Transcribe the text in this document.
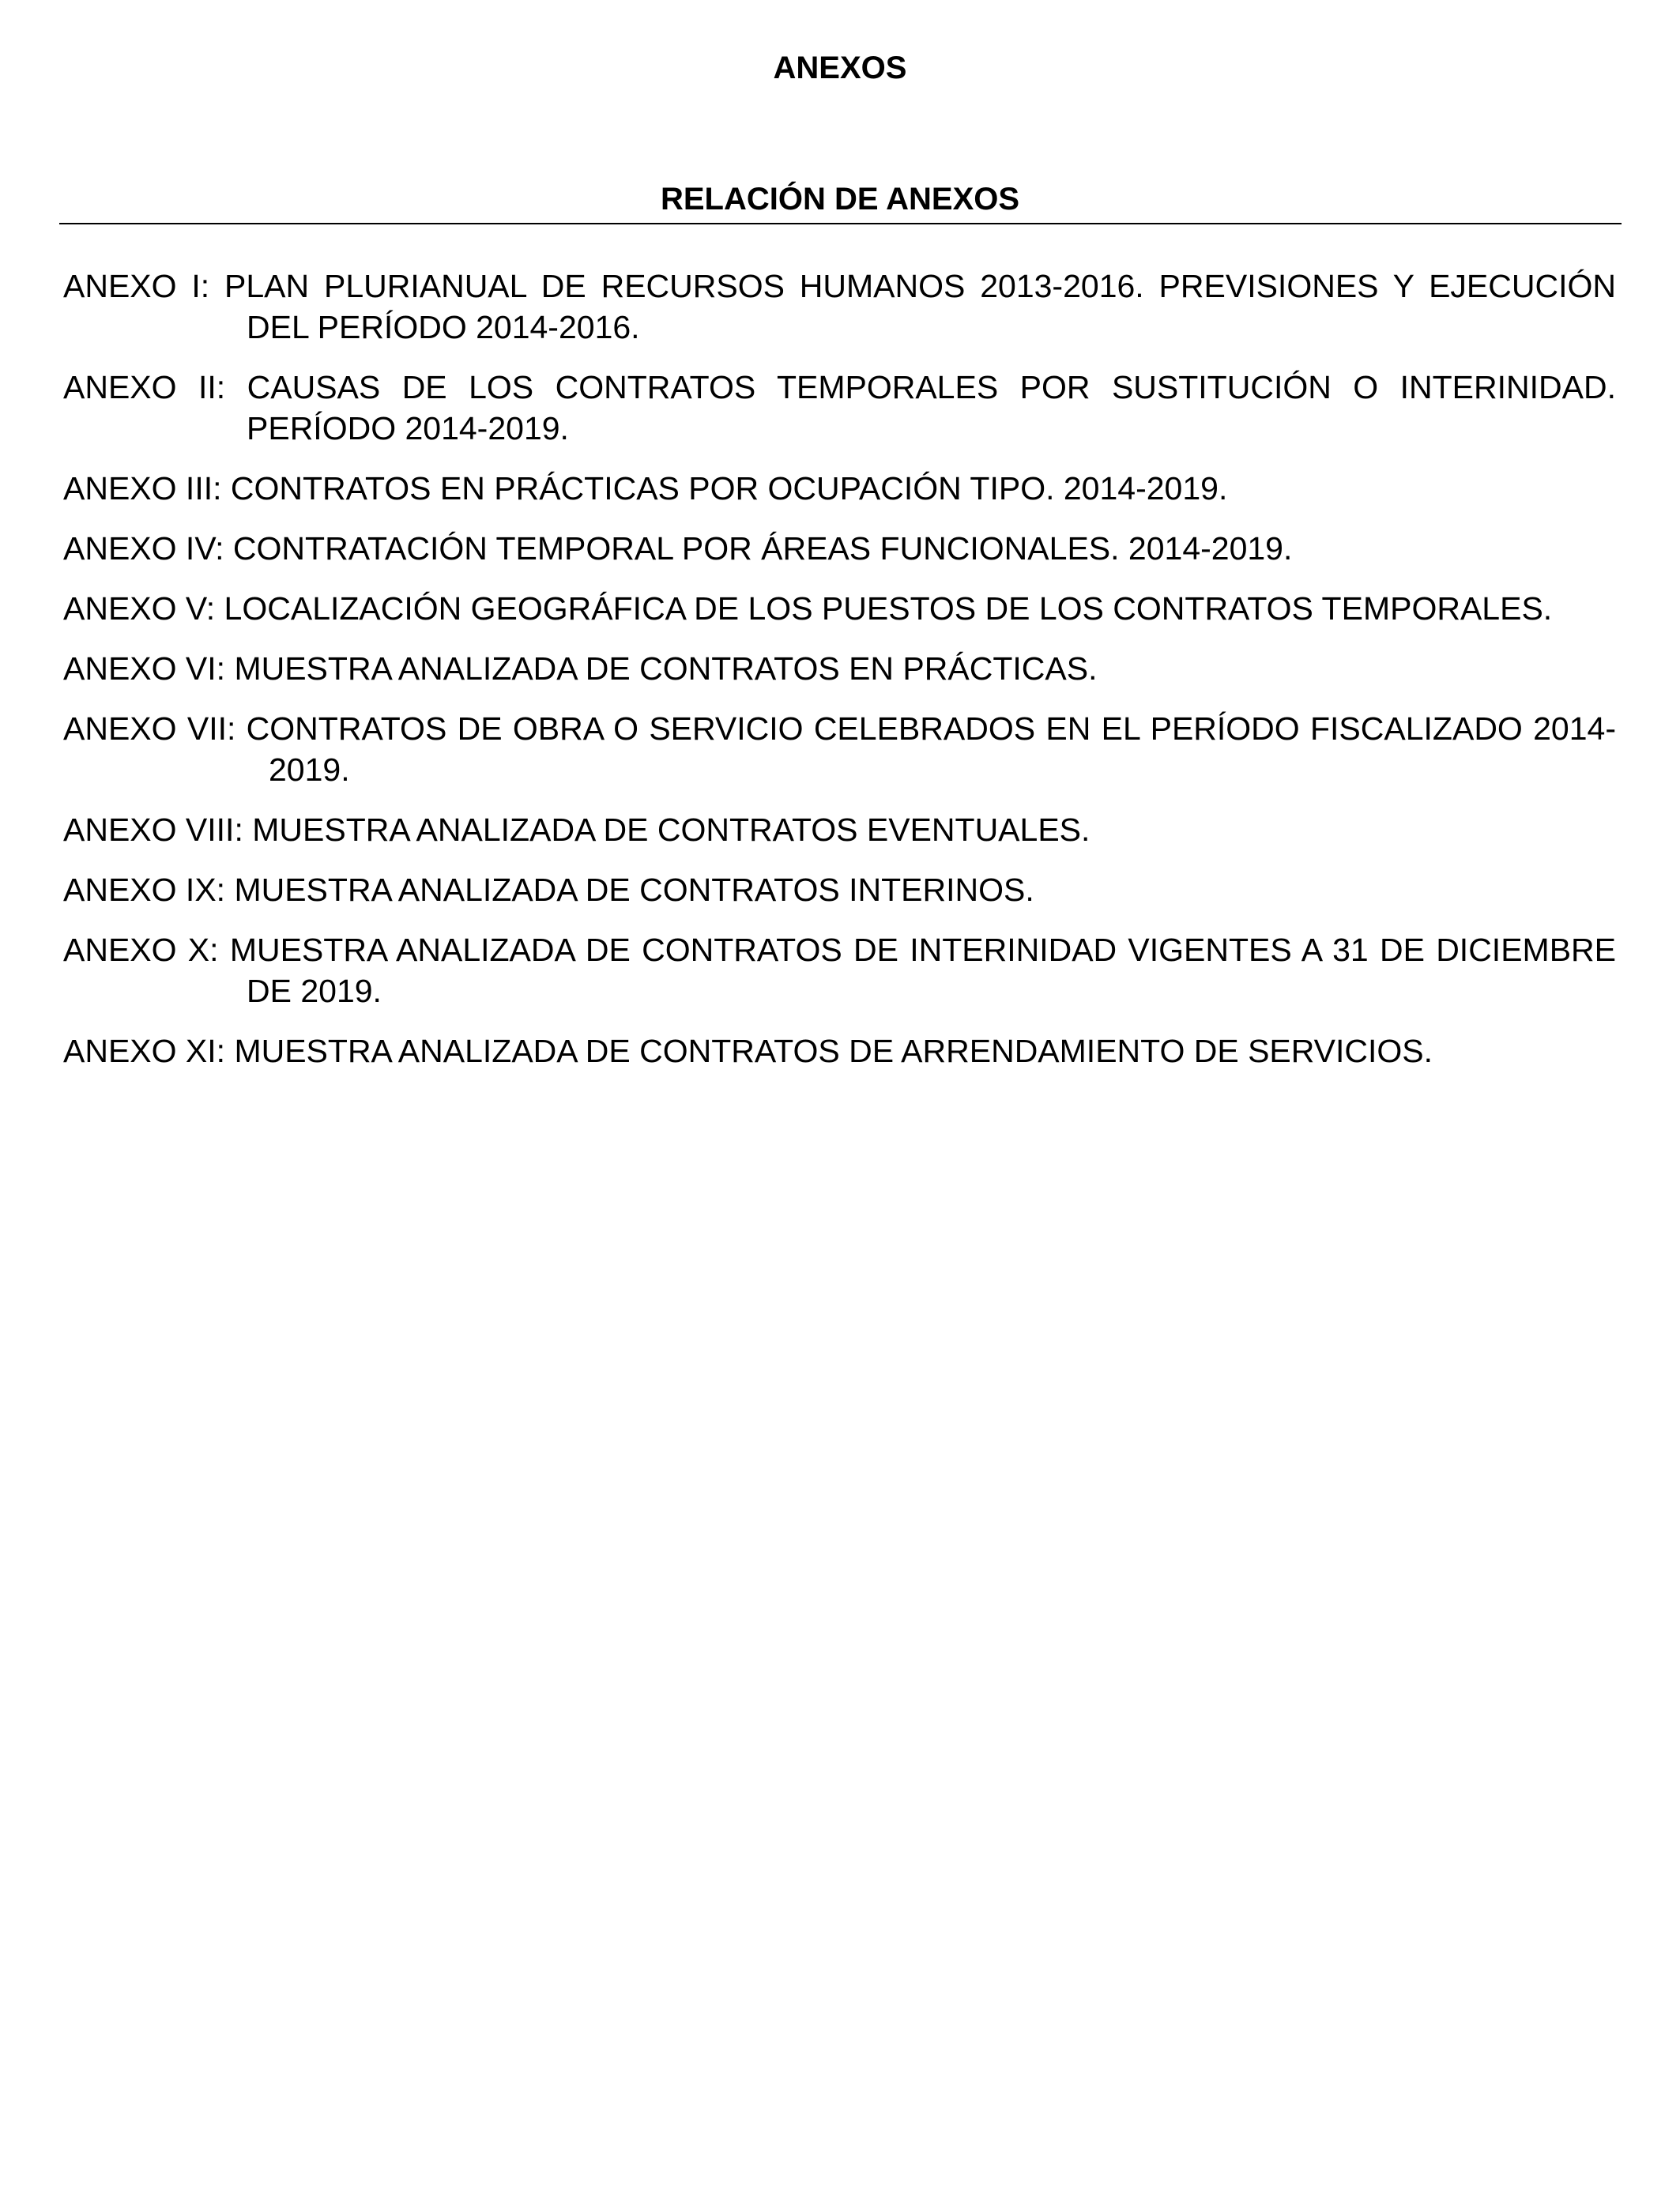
ANEXOS
RELACIÓN DE ANEXOS
ANEXO I: PLAN PLURIANUAL DE RECURSOS HUMANOS 2013-2016. PREVISIONES Y EJECUCIÓN DEL PERÍODO 2014-2016.
ANEXO II: CAUSAS DE LOS CONTRATOS TEMPORALES POR SUSTITUCIÓN O INTERINIDAD. PERÍODO 2014-2019.
ANEXO III: CONTRATOS EN PRÁCTICAS POR OCUPACIÓN TIPO. 2014-2019.
ANEXO IV: CONTRATACIÓN TEMPORAL POR ÁREAS FUNCIONALES. 2014-2019.
ANEXO V: LOCALIZACIÓN GEOGRÁFICA DE LOS PUESTOS DE LOS CONTRATOS TEMPORALES.
ANEXO VI: MUESTRA ANALIZADA DE CONTRATOS EN PRÁCTICAS.
ANEXO VII: CONTRATOS DE OBRA O SERVICIO CELEBRADOS EN EL PERÍODO FISCALIZADO 2014-2019.
ANEXO VIII: MUESTRA ANALIZADA DE CONTRATOS EVENTUALES.
ANEXO IX: MUESTRA ANALIZADA DE CONTRATOS INTERINOS.
ANEXO X: MUESTRA ANALIZADA DE CONTRATOS DE INTERINIDAD VIGENTES A 31 DE DICIEMBRE DE 2019.
ANEXO XI: MUESTRA ANALIZADA DE CONTRATOS DE ARRENDAMIENTO DE SERVICIOS.
